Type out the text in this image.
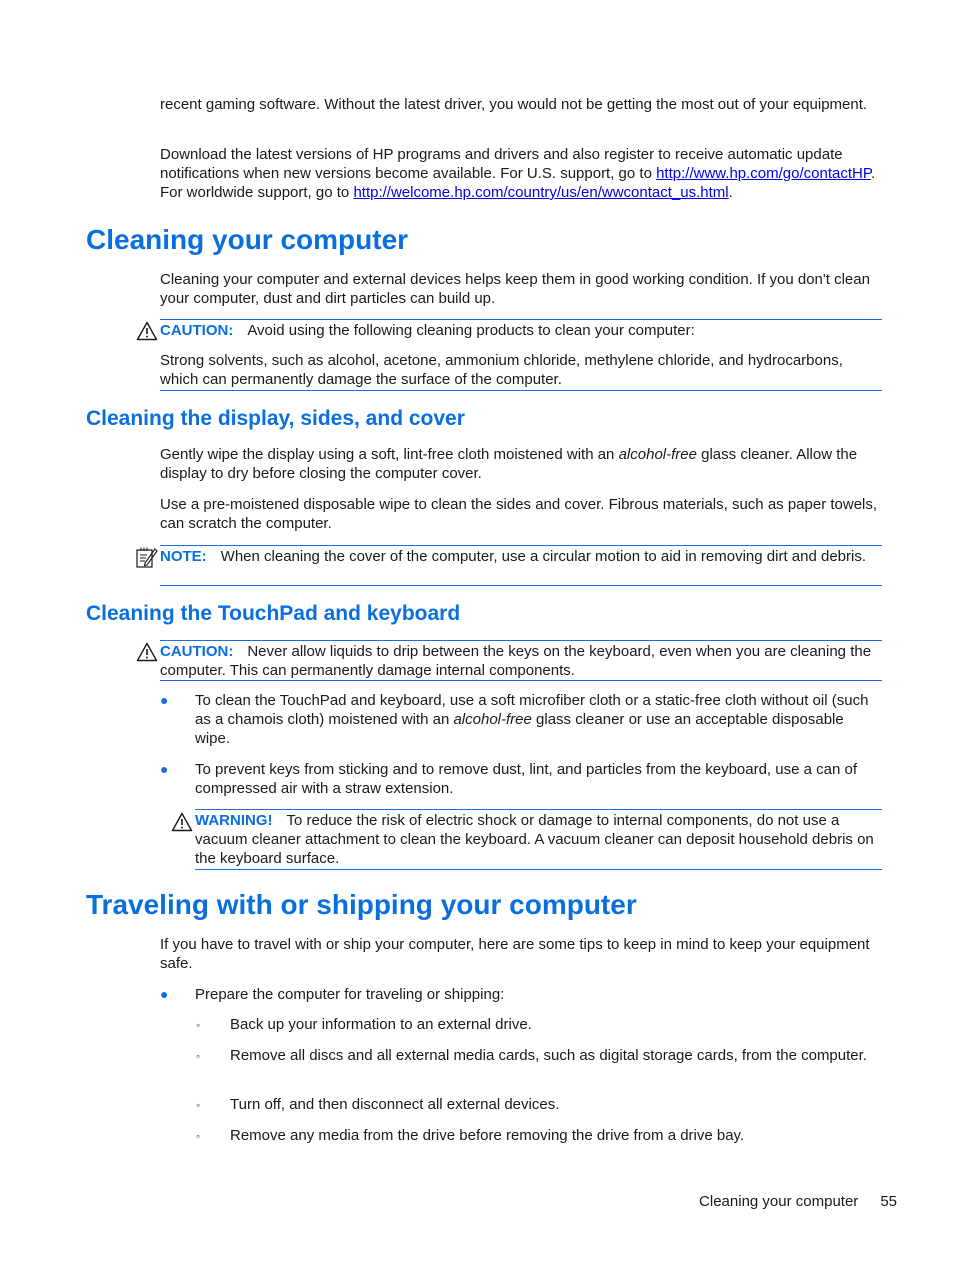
recent gaming software. Without the latest driver, you would not be getting the most out of your equipment.

Download the latest versions of HP programs and drivers and also register to receive automatic update notifications when new versions become available. For U.S. support, go to http://www.hp.com/go/contactHP. For worldwide support, go to http://welcome.hp.com/country/us/en/wwcontact_us.html.

Cleaning your computer

Cleaning your computer and external devices helps keep them in good working condition. If you don't clean your computer, dust and dirt particles can build up.

CAUTION: Avoid using the following cleaning products to clean your computer:

Strong solvents, such as alcohol, acetone, ammonium chloride, methylene chloride, and hydrocarbons, which can permanently damage the surface of the computer.

Cleaning the display, sides, and cover

Gently wipe the display using a soft, lint-free cloth moistened with an alcohol-free glass cleaner. Allow the display to dry before closing the computer cover.

Use a pre-moistened disposable wipe to clean the sides and cover. Fibrous materials, such as paper towels, can scratch the computer.

NOTE: When cleaning the cover of the computer, use a circular motion to aid in removing dirt and debris.

Cleaning the TouchPad and keyboard

CAUTION: Never allow liquids to drip between the keys on the keyboard, even when you are cleaning the computer. This can permanently damage internal components.

● To clean the TouchPad and keyboard, use a soft microfiber cloth or a static-free cloth without oil (such as a chamois cloth) moistened with an alcohol-free glass cleaner or use an acceptable disposable wipe.

● To prevent keys from sticking and to remove dust, lint, and particles from the keyboard, use a can of compressed air with a straw extension.

WARNING! To reduce the risk of electric shock or damage to internal components, do not use a vacuum cleaner attachment to clean the keyboard. A vacuum cleaner can deposit household debris on the keyboard surface.

Traveling with or shipping your computer

If you have to travel with or ship your computer, here are some tips to keep in mind to keep your equipment safe.

● Prepare the computer for traveling or shipping:

◦ Back up your information to an external drive.

◦ Remove all discs and all external media cards, such as digital storage cards, from the computer.

◦ Turn off, and then disconnect all external devices.

◦ Remove any media from the drive before removing the drive from a drive bay.

Cleaning your computer 55
